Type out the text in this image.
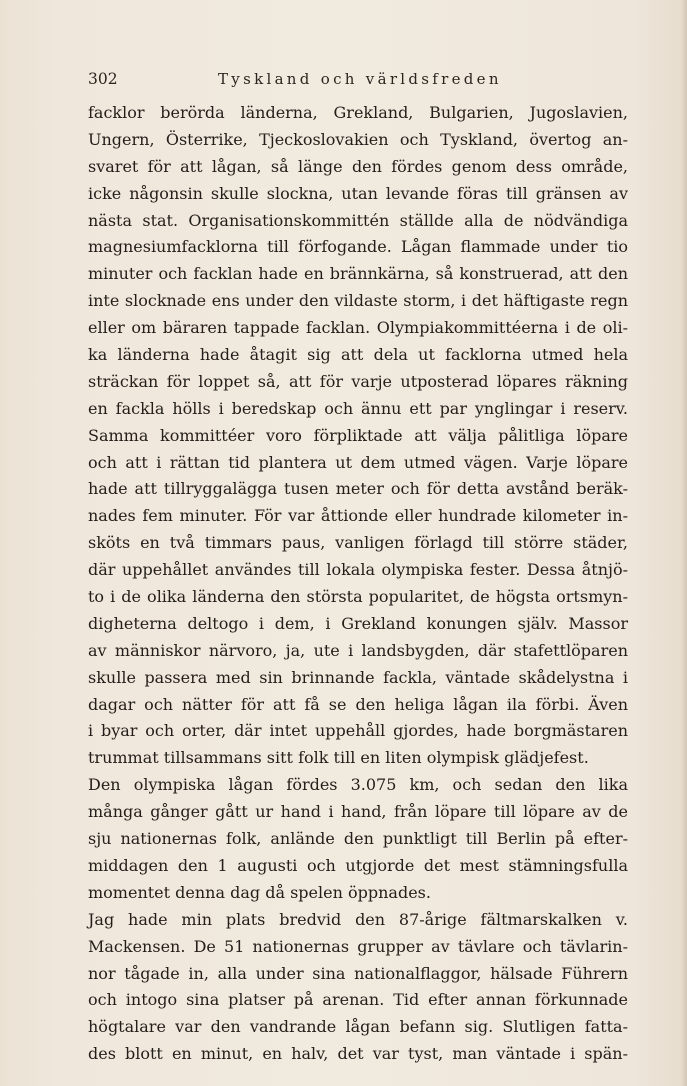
302	Tyskland och världsfreden
facklor berörda länderna, Grekland, Bulgarien, Jugoslavien,
Ungern, Österrike, Tjeckoslovakien och Tyskland, övertog an-
svaret för att lågan, så länge den fördes genom dess område,
icke någonsin skulle slockna, utan levande föras till gränsen av
nästa stat. Organisationskommittén ställde alla de nödvändiga
magnesiumfacklorna till förfogande. Lågan flammade under tio
minuter och facklan hade en brännkärna, så konstruerad, att den
inte slocknade ens under den vildaste storm, i det häftigaste regn
eller om bäraren tappade facklan. Olympiakommittéerna i de oli-
ka länderna hade åtagit sig att dela ut facklorna utmed hela
sträckan för loppet så, att för varje utposterad löpares räkning
en fackla hölls i beredskap och ännu ett par ynglingar i reserv.
Samma kommittéer voro förpliktade att välja pålitliga löpare
och att i rättan tid plantera ut dem utmed vägen. Varje löpare
hade att tillryggalägga tusen meter och för detta avstånd beräk-
nades fem minuter. För var åttionde eller hundrade kilometer in-
sköts en två timmars paus, vanligen förlagd till större städer,
där uppehållet användes till lokala olympiska fester. Dessa åtnjö-
to i de olika länderna den största popularitet, de högsta ortsmyn-
digheterna deltogo i dem, i Grekland konungen själv. Massor
av människor närvoro, ja, ute i landsbygden, där stafettlöparen
skulle passera med sin brinnande fackla, väntade skådelystna i
dagar och nätter för att få se den heliga lågan ila förbi. Även
i byar och orter, där intet uppehåll gjordes, hade borgmästaren
trummat tillsammans sitt folk till en liten olympisk glädjefest.
Den olympiska lågan fördes 3.075 km, och sedan den lika
många gånger gått ur hand i hand, från löpare till löpare av de
sju nationernas folk, anlände den punktligt till Berlin på efter-
middagen den 1 augusti och utgjorde det mest stämningsfulla
momentet denna dag då spelen öppnades.
Jag hade min plats bredvid den 87-årige fältmarskalken v.
Mackensen. De 51 nationernas grupper av tävlare och tävlarin-
nor tågade in, alla under sina nationalflaggor, hälsade Führern
och intogo sina platser på arenan. Tid efter annan förkunnade
högtalare var den vandrande lågan befann sig. Slutligen fatta-
des blott en minut, en halv, det var tyst, man väntade i spän-
